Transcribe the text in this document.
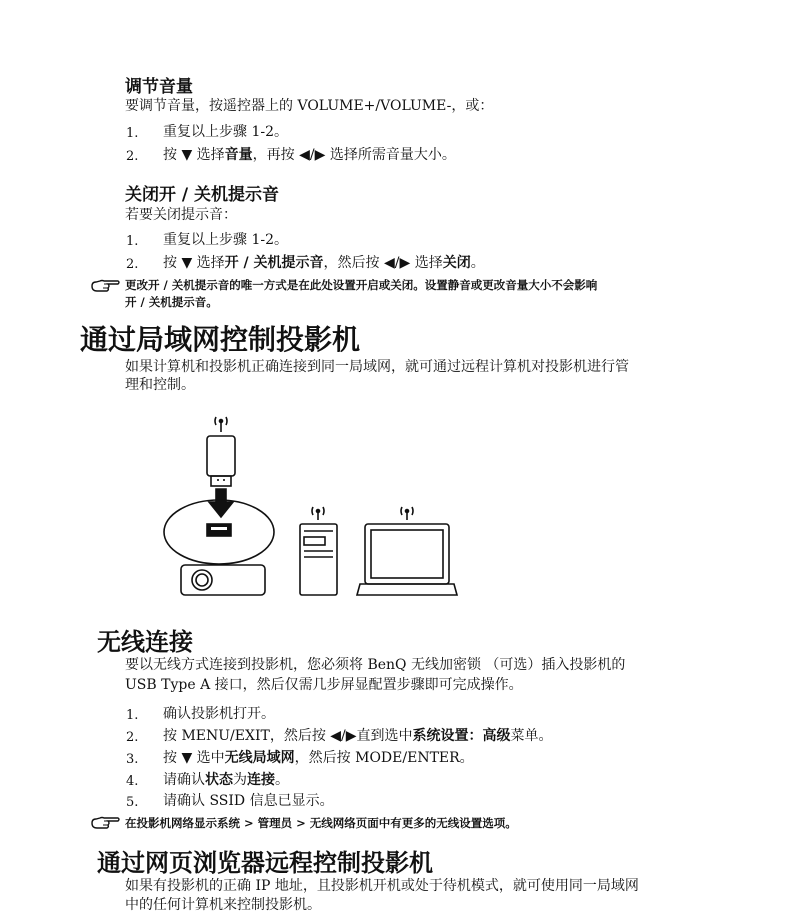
调节音量
要调节音量，按遥控器上的 VOLUME+/VOLUME-，或：
1. 重复以上步骤 1-2。
2. 按 ▼ 选择音量，再按 ◀/▶ 选择所需音量大小。
关闭开 / 关机提示音
若要关闭提示音：
1. 重复以上步骤 1-2。
2. 按 ▼ 选择开 / 关机提示音，然后按 ◀/▶ 选择关闭。
更改开 / 关机提示音的唯一方式是在此处设置开启或关闭。设置静音或更改音量大小不会影响
开 / 关机提示音。
通过局域网控制投影机
如果计算机和投影机正确连接到同一局域网，就可通过远程计算机对投影机进行管
理和控制。
无线连接
要以无线方式连接到投影机，您必须将 BenQ 无线加密锁 （可选）插入投影机的
USB Type A 接口，然后仅需几步屏显配置步骤即可完成操作。
1. 确认投影机打开。
2. 按 MENU/EXIT，然后按 ◀/▶直到选中系统设置：高级菜单。
3. 按 ▼ 选中无线局域网，然后按 MODE/ENTER。
4. 请确认状态为连接。
5. 请确认 SSID 信息已显示。
在投影机网络显示系统 > 管理员 > 无线网络页面中有更多的无线设置选项。
通过网页浏览器远程控制投影机
如果有投影机的正确 IP 地址，且投影机开机或处于待机模式，就可使用同一局域网
中的任何计算机来控制投影机。
